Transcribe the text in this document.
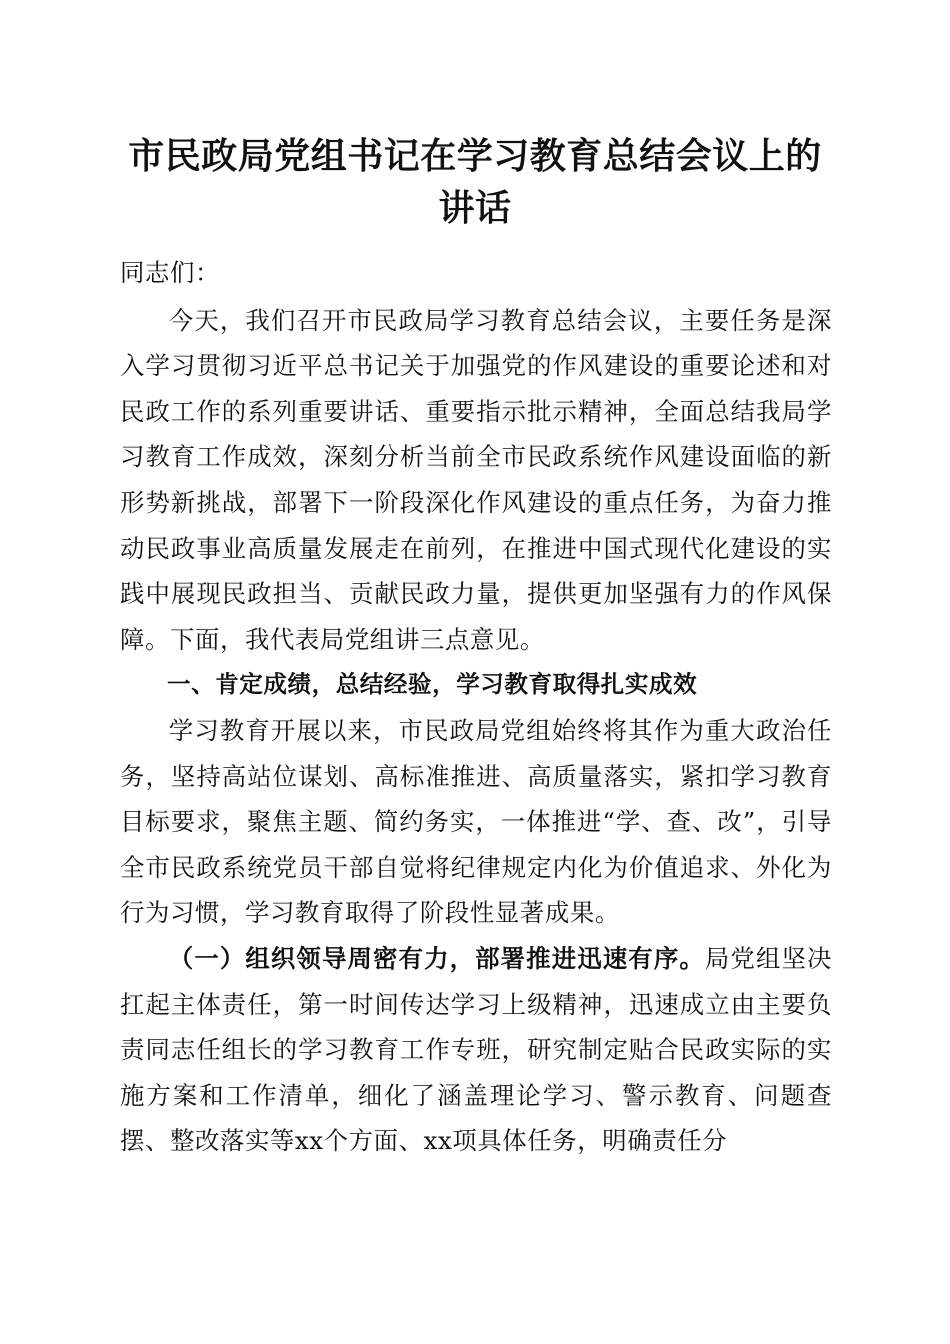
市民政局党组书记在学习教育总结会议上的讲话

同志们：

今天，我们召开市民政局学习教育总结会议，主要任务是深入学习贯彻习近平总书记关于加强党的作风建设的重要论述和对民政工作的系列重要讲话、重要指示批示精神，全面总结我局学习教育工作成效，深刻分析当前全市民政系统作风建设面临的新形势新挑战，部署下一阶段深化作风建设的重点任务，为奋力推动民政事业高质量发展走在前列，在推进中国式现代化建设的实践中展现民政担当、贡献民政力量，提供更加坚强有力的作风保障。下面，我代表局党组讲三点意见。

一、肯定成绩，总结经验，学习教育取得扎实成效

学习教育开展以来，市民政局党组始终将其作为重大政治任务，坚持高站位谋划、高标准推进、高质量落实，紧扣学习教育目标要求，聚焦主题、简约务实，一体推进“学、查、改”，引导全市民政系统党员干部自觉将纪律规定内化为价值追求、外化为行为习惯，学习教育取得了阶段性显著成果。

（一）组织领导周密有力，部署推进迅速有序。局党组坚决扛起主体责任，第一时间传达学习上级精神，迅速成立由主要负责同志任组长的学习教育工作专班，研究制定贴合民政实际的实施方案和工作清单，细化了涵盖理论学习、警示教育、问题查摆、整改落实等xx个方面、xx项具体任务，明确责任分
